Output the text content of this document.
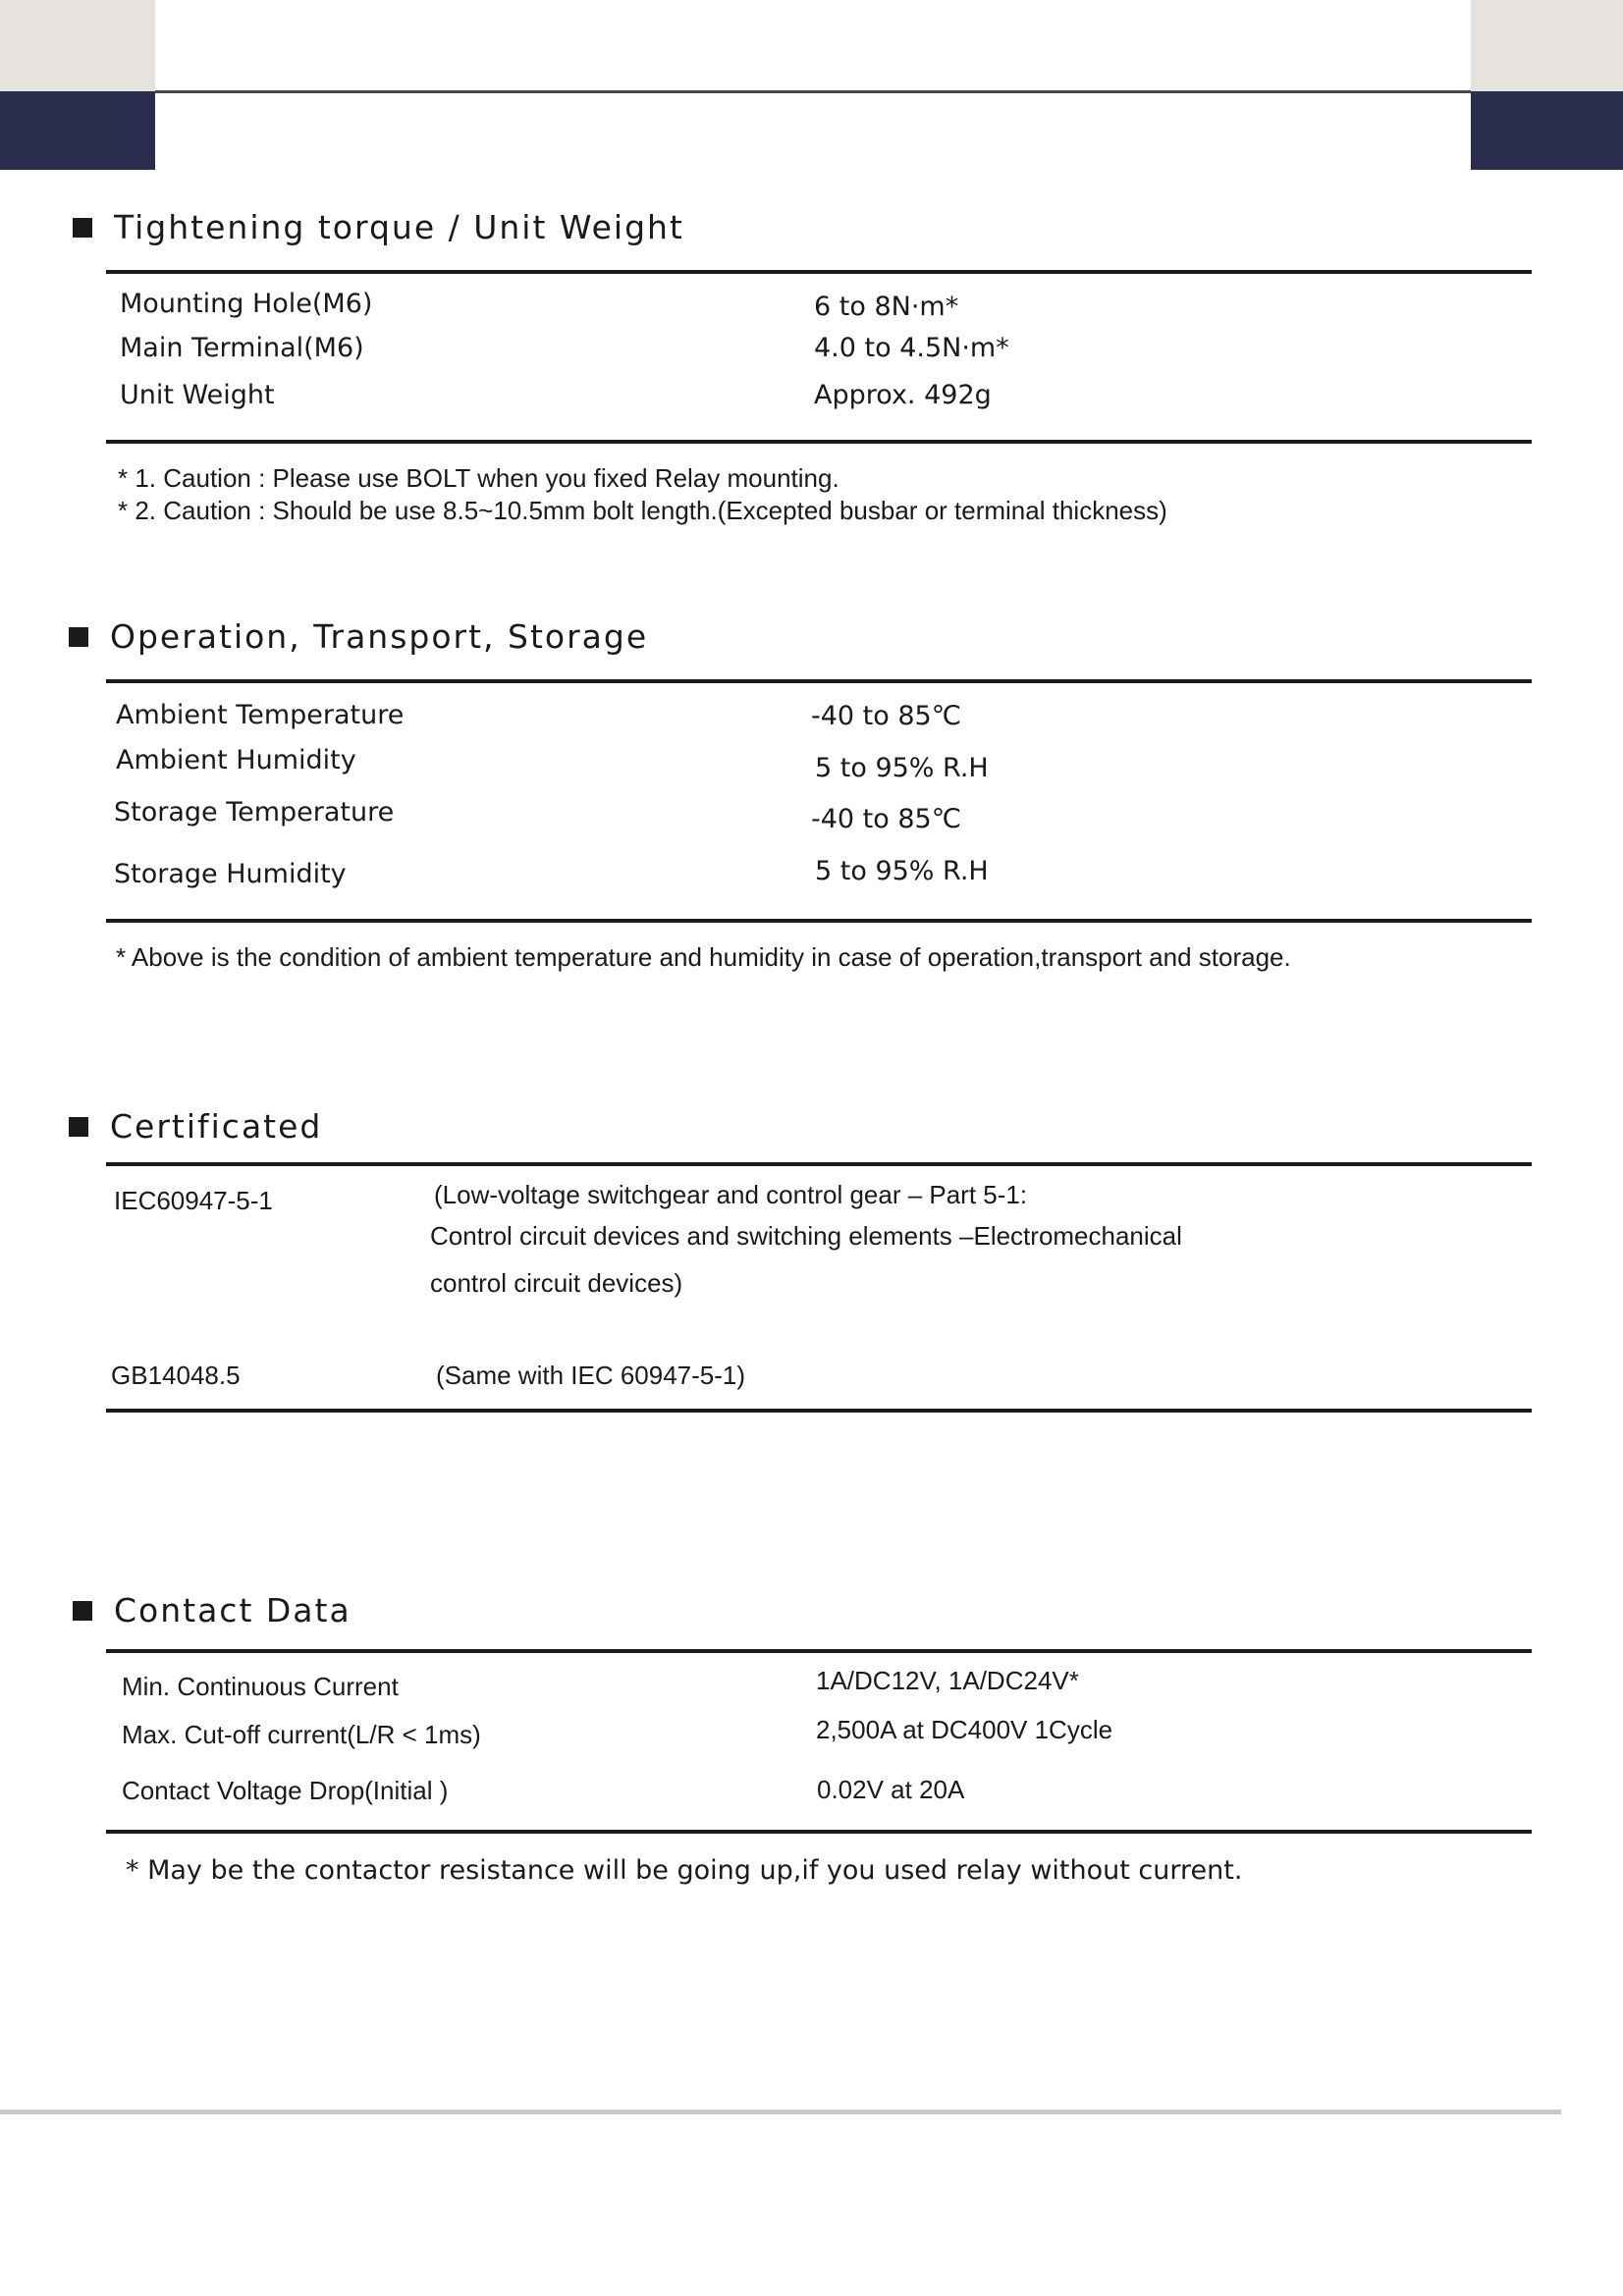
Tightening torque / Unit Weight
Mounting Hole(M6)	6 to 8N·m*
Main Terminal(M6)	4.0 to 4.5N·m*
Unit Weight	Approx. 492g
* 1. Caution : Please use BOLT when you fixed Relay mounting.
* 2. Caution : Should be use 8.5~10.5mm bolt length.(Excepted busbar or terminal thickness)
Operation, Transport, Storage
Ambient Temperature	-40 to 85℃
Ambient Humidity	5 to 95% R.H
Storage Temperature	-40 to 85℃
Storage Humidity	5 to 95% R.H
* Above is the condition of ambient temperature and humidity in case of operation,transport and storage.
Certificated
IEC60947-5-1	(Low-voltage switchgear and control gear – Part 5-1:
Control circuit devices and switching elements –Electromechanical
control circuit devices)
GB14048.5	(Same with IEC 60947-5-1)
Contact Data
Min. Continuous Current	1A/DC12V, 1A/DC24V*
Max. Cut-off current(L/R < 1ms)	2,500A at DC400V 1Cycle
Contact Voltage Drop(Initial )	0.02V at 20A
* May be the contactor resistance will be going up,if you used relay without current.
